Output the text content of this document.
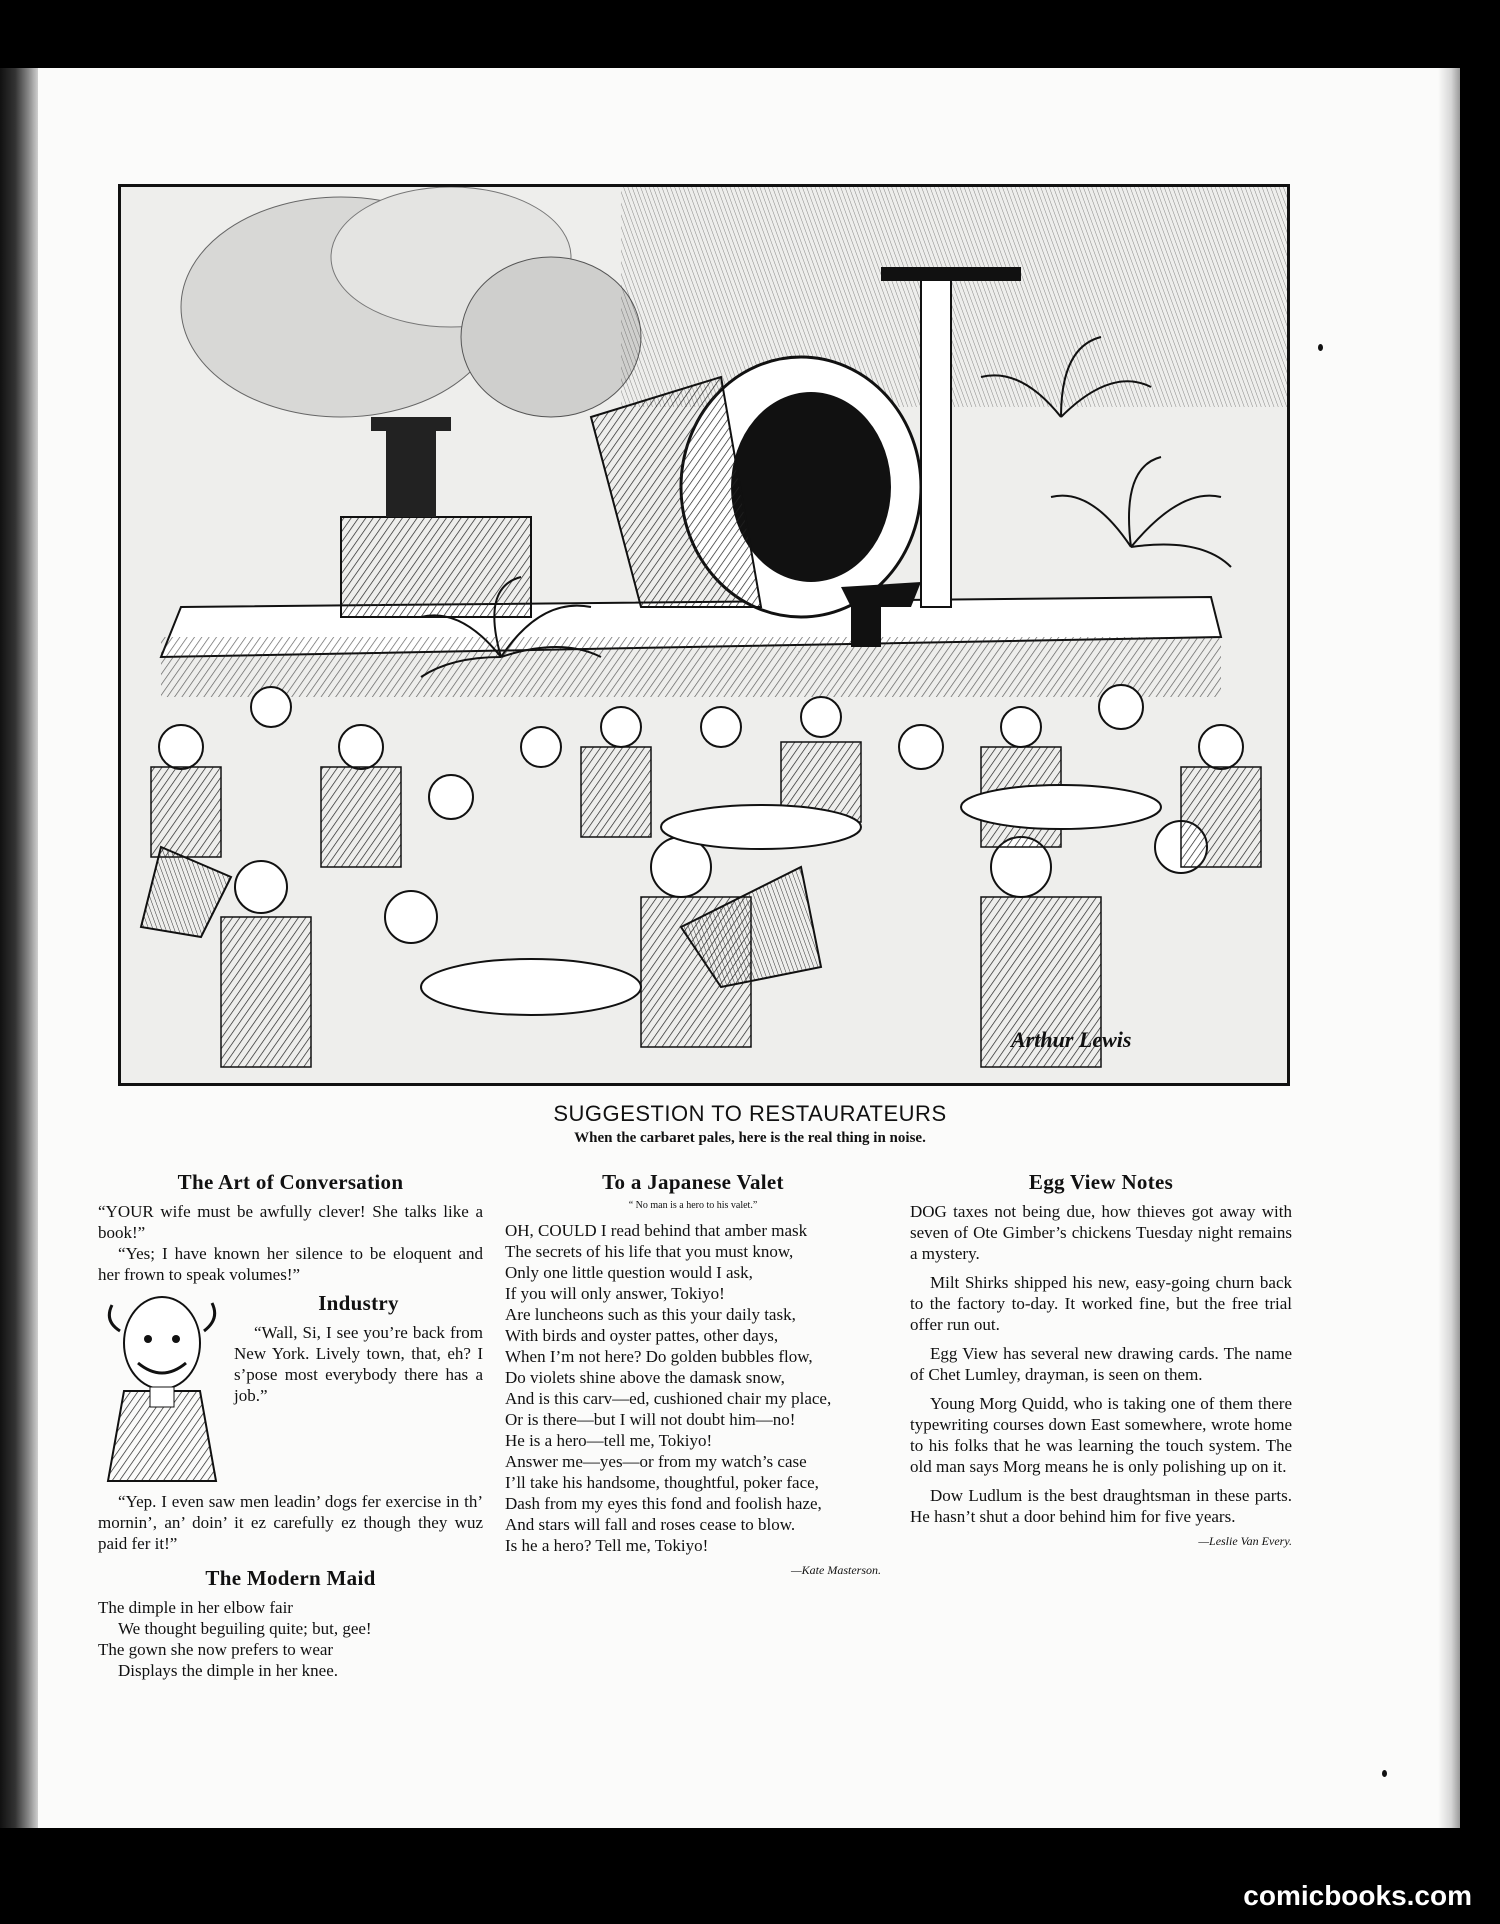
Arthur Lewis
SUGGESTION TO RESTAURATEURS
When the carbaret pales, here is the real thing in noise.
The Art of Conversation

“YOUR wife must be awfully clever! She talks like a book!”

“Yes; I have known her silence to be eloquent and her frown to speak volumes!”

Industry

“Wall, Si, I see you’re back from New York. Lively town, that, eh? I s’pose most everybody there has a job.”

“Yep. I even saw men leadin’ dogs fer exercise in th’ mornin’, an’ doin’ it ez carefully ez though they wuz paid fer it!”

The Modern Maid

The dimple in her elbow fair

We thought beguiling quite; but, gee!

The gown she now prefers to wear

Displays the dimple in her knee.

To a Japanese Valet
“ No man is a hero to his valet.”

OH, COULD I read behind that amber mask

The secrets of his life that you must know,

Only one little question would I ask,

If you will only answer, Tokiyo!

Are luncheons such as this your daily task,

With birds and oyster pattes, other days,

When I’m not here? Do golden bubbles flow,

Do violets shine above the damask snow,

And is this carv—ed, cushioned chair my place,

Or is there—but I will not doubt him—no!

He is a hero—tell me, Tokiyo!

Answer me—yes—or from my watch’s case

I’ll take his handsome, thoughtful, poker face,

Dash from my eyes this fond and foolish haze,

And stars will fall and roses cease to blow.

Is he a hero? Tell me, Tokiyo!

—Kate Masterson.
Egg View Notes

DOG taxes not being due, how thieves got away with seven of Ote Gimber’s chickens Tuesday night remains a mystery.

Milt Shirks shipped his new, easy-going churn back to the factory to-day. It worked fine, but the free trial offer run out.

Egg View has several new drawing cards. The name of Chet Lumley, drayman, is seen on them.

Young Morg Quidd, who is taking one of them there typewriting courses down East somewhere, wrote home to his folks that he was learning the touch system. The old man says Morg means he is only polishing up on it.

Dow Ludlum is the best draughtsman in these parts. He hasn’t shut a door behind him for five years.

—Leslie Van Every.
comicbooks.com
